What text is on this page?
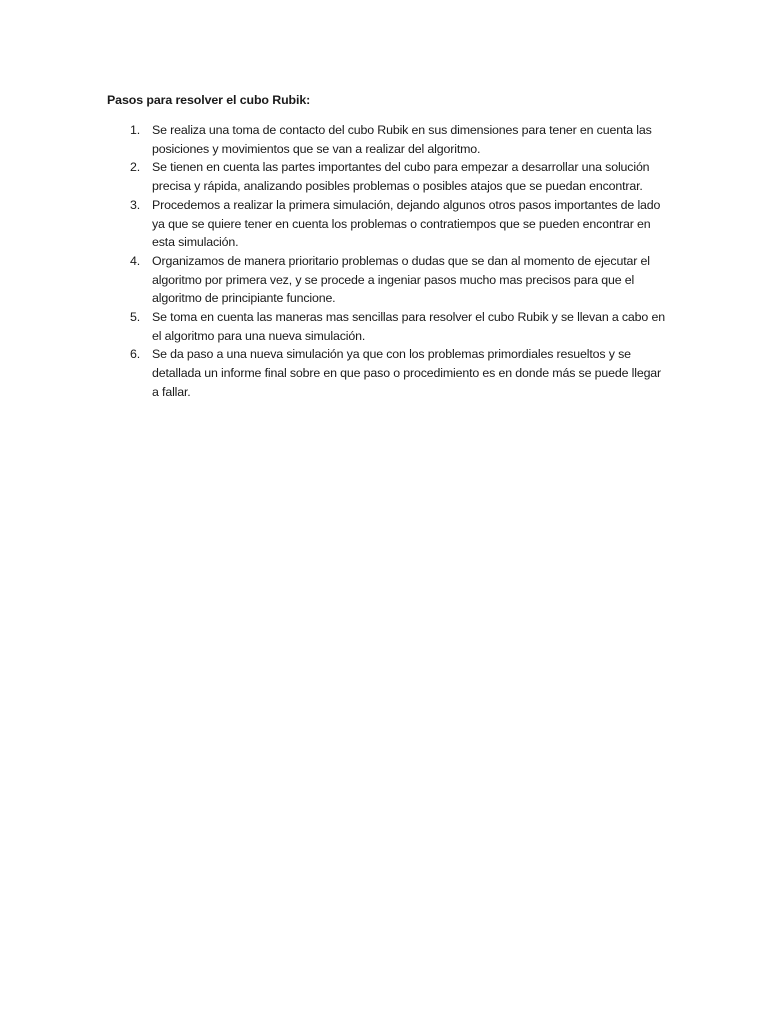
Pasos para resolver el cubo Rubik:

1. Se realiza una toma de contacto del cubo Rubik en sus dimensiones para tener en cuenta las posiciones y movimientos que se van a realizar del algoritmo.
2. Se tienen en cuenta las partes importantes del cubo para empezar a desarrollar una solución precisa y rápida, analizando posibles problemas o posibles atajos que se puedan encontrar.
3. Procedemos a realizar la primera simulación, dejando algunos otros pasos importantes de lado ya que se quiere tener en cuenta los problemas o contratiempos que se pueden encontrar en esta simulación.
4. Organizamos de manera prioritario problemas o dudas que se dan al momento de ejecutar el algoritmo por primera vez, y se procede a ingeniar pasos mucho mas precisos para que el algoritmo de principiante funcione.
5. Se toma en cuenta las maneras mas sencillas para resolver el cubo Rubik y se llevan a cabo en el algoritmo para una nueva simulación.
6. Se da paso a una nueva simulación ya que con los problemas primordiales resueltos y se detallada un informe final sobre en que paso o procedimiento es en donde más se puede llegar a fallar.
